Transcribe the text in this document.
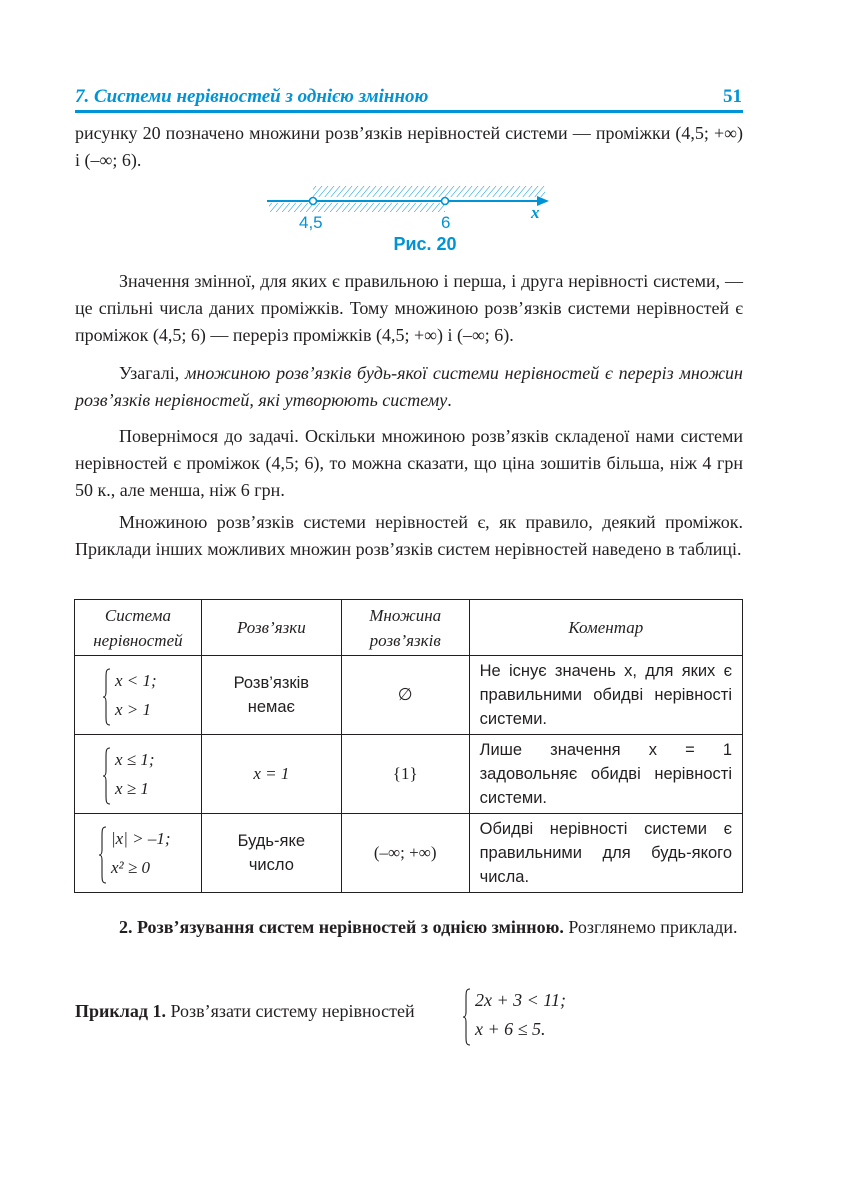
7. Системи нерівностей з однією змінною	51

рисунку 20 позначено множини розв’язків нерівностей системи — проміжки (4,5; +∞) і (–∞; 6).

4,5	6
x
Рис. 20

Значення змінної, для яких є правильною і перша, і друга нерівності системи, — це спільні числа даних проміжків. Тому множиною розв’язків системи нерівностей є проміжок (4,5; 6) — переріз проміжків (4,5; +∞) і (–∞; 6).

Узагалі, множиною розв’язків будь-якої системи нерівностей є переріз множин розв’язків нерівностей, які утворюють систему.

Повернімося до задачі. Оскільки множиною розв’язків складеної нами системи нерівностей є проміжок (4,5; 6), то можна сказати, що ціна зошитів більша, ніж 4 грн 50 к., але менша, ніж 6 грн.

Множиною розв’язків системи нерівностей є, як правило, деякий проміжок. Приклади інших можливих множин розв’язків систем нерівностей наведено в таблиці.

Система нерівностей	Розв’язки	Множина розв’язків	Коментар

x < 1;
x > 1	Розв’язків немає	∅	Не існує значень x, для яких є правильними обидві нерівності системи.

x ≤ 1;
x ≥ 1	x = 1	{1}	Лише значення x = 1 задовольняє обидві нерівності системи.

|x| > –1;
x² ≥ 0	Будь-яке число	(–∞; +∞)	Обидві нерівності системи є правильними для будь-якого числа.

2. Розв’язування систем нерівностей з однією змінною. Розглянемо приклади.

Приклад 1. Розв’язати систему нерівностей
2x + 3 < 11;
x + 6 ≤ 5.
